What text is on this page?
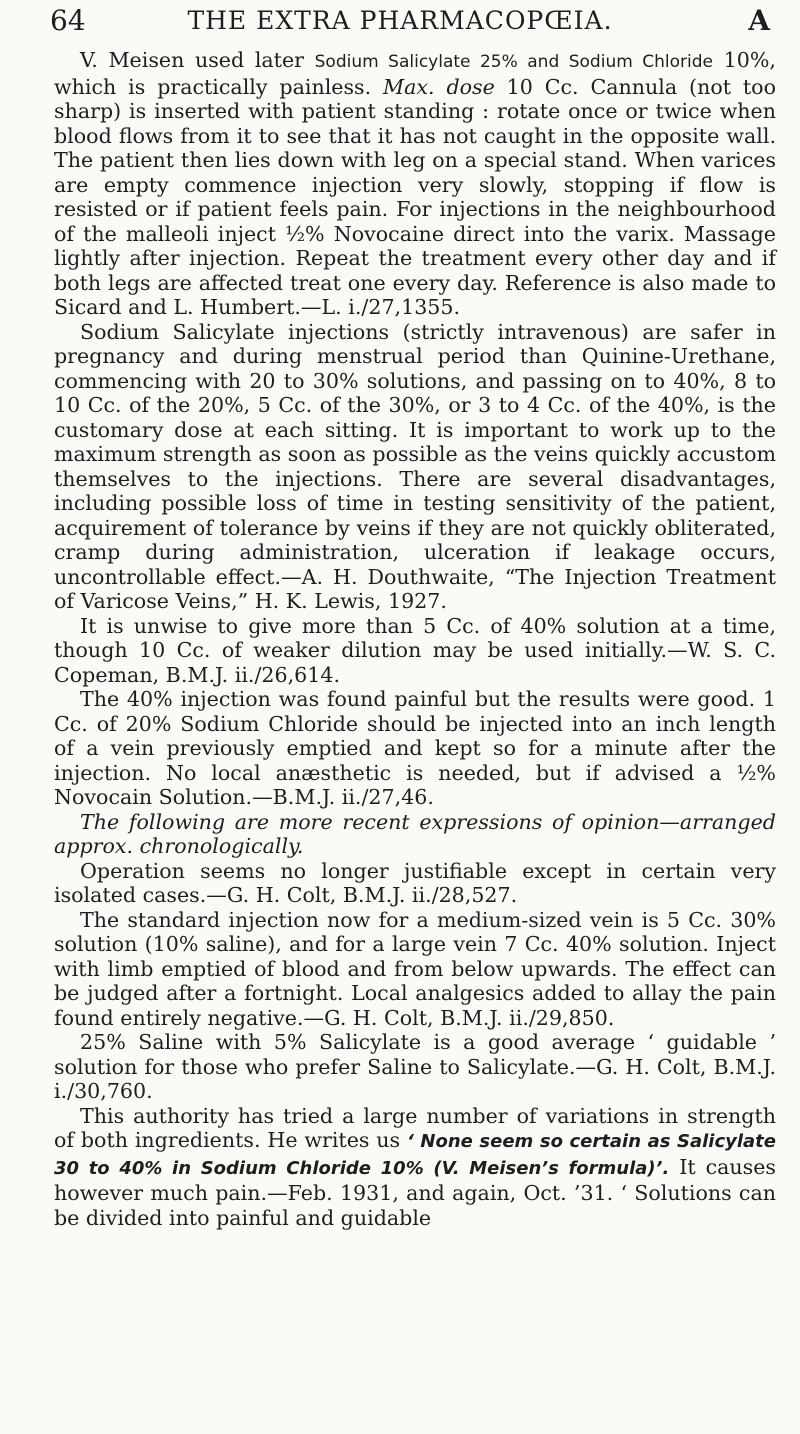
64	THE EXTRA PHARMACOPŒIA.	A

V. Meisen used later Sodium Salicylate 25% and Sodium Chloride 10%, which is practically painless. Max. dose 10 Cc. Cannula (not too sharp) is inserted with patient standing : rotate once or twice when blood flows from it to see that it has not caught in the opposite wall. The patient then lies down with leg on a special stand. When varices are empty commence injection very slowly, stopping if flow is resisted or if patient feels pain. For injections in the neighbourhood of the malleoli inject ½% Novocaine direct into the varix. Massage lightly after injection. Repeat the treatment every other day and if both legs are affected treat one every day. Reference is also made to Sicard and L. Humbert.—L. i./27,1355.

Sodium Salicylate injections (strictly intravenous) are safer in pregnancy and during menstrual period than Quinine-Urethane, commencing with 20 to 30% solutions, and passing on to 40%, 8 to 10 Cc. of the 20%, 5 Cc. of the 30%, or 3 to 4 Cc. of the 40%, is the customary dose at each sitting. It is important to work up to the maximum strength as soon as possible as the veins quickly accustom themselves to the injections. There are several disadvantages, including possible loss of time in testing sensitivity of the patient, acquirement of tolerance by veins if they are not quickly obliterated, cramp during administration, ulceration if leakage occurs, uncontrollable effect.—A. H. Douthwaite, “The Injection Treatment of Varicose Veins,” H. K. Lewis, 1927.

It is unwise to give more than 5 Cc. of 40% solution at a time, though 10 Cc. of weaker dilution may be used initially.—W. S. C. Copeman, B.M.J. ii./26,614.

The 40% injection was found painful but the results were good. 1 Cc. of 20% Sodium Chloride should be injected into an inch length of a vein previously emptied and kept so for a minute after the injection. No local anæsthetic is needed, but if advised a ½% Novocain Solution.—B.M.J. ii./27,46.

The following are more recent expressions of opinion—arranged approx. chronologically.

Operation seems no longer justifiable except in certain very isolated cases.—G. H. Colt, B.M.J. ii./28,527.

The standard injection now for a medium-sized vein is 5 Cc. 30% solution (10% saline), and for a large vein 7 Cc. 40% solution. Inject with limb emptied of blood and from below upwards. The effect can be judged after a fortnight. Local analgesics added to allay the pain found entirely negative.—G. H. Colt, B.M.J. ii./29,850.

25% Saline with 5% Salicylate is a good average ‘ guidable ’ solution for those who prefer Saline to Salicylate.—G. H. Colt, B.M.J. i./30,760.

This authority has tried a large number of variations in strength of both ingredients. He writes us ‘ None seem so certain as Salicylate 30 to 40% in Sodium Chloride 10% (V. Meisen’s formula)’. It causes however much pain.—Feb. 1931, and again, Oct. ’31. ‘ Solutions can be divided into painful and guidable
